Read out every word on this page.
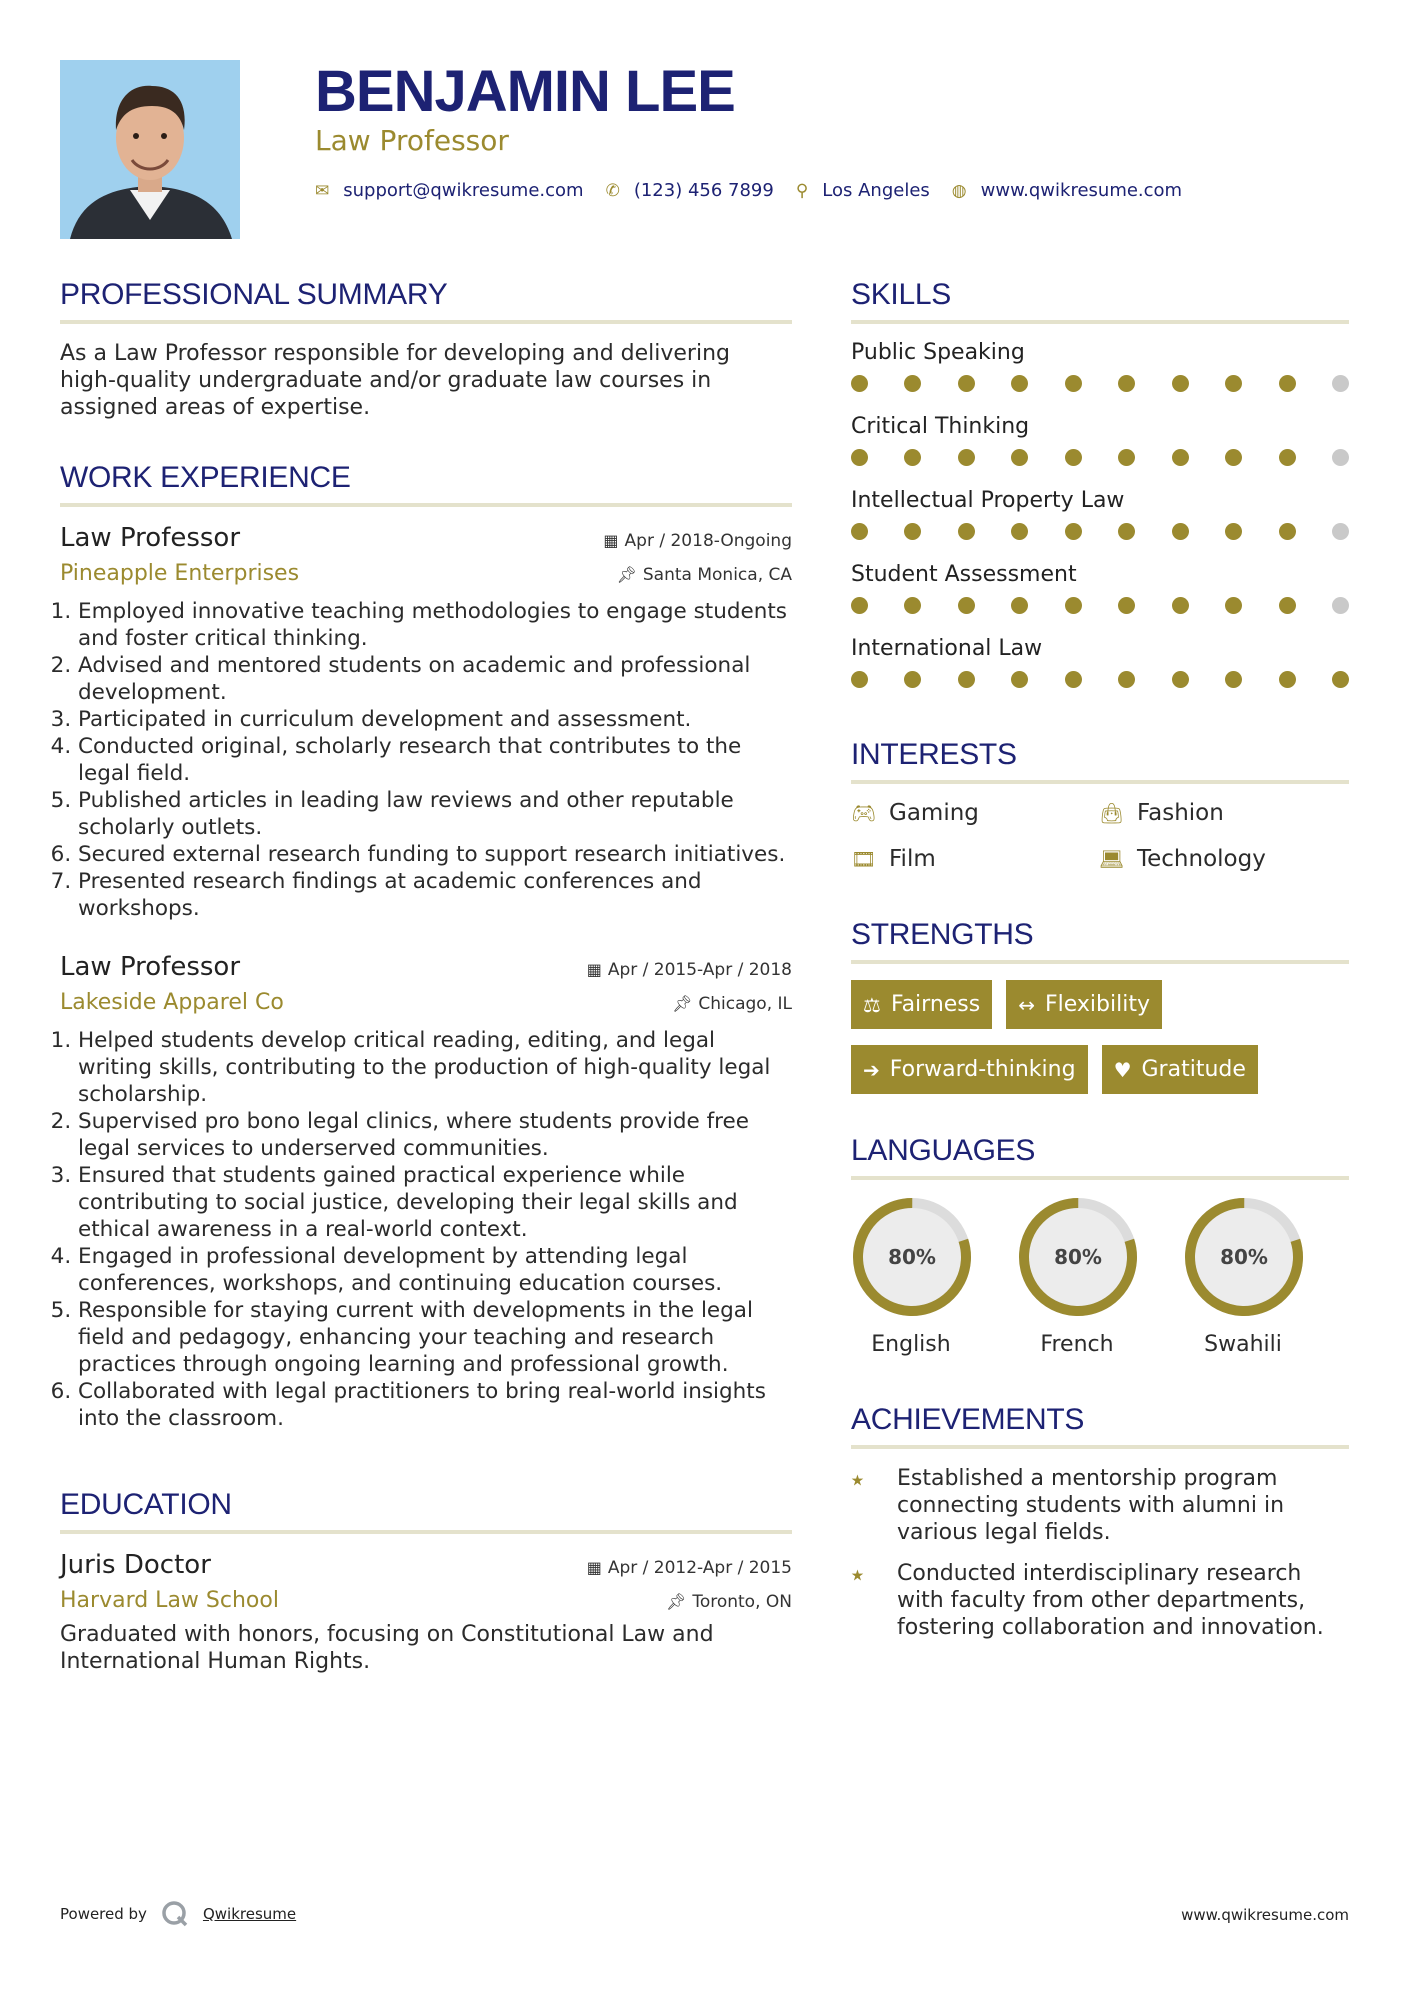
BENJAMIN LEE
Law Professor
✉ support@qwikresume.com ✆ (123) 456 7899 ⚲ Los Angeles ◍ www.qwikresume.com
PROFESSIONAL SUMMARY
As a Law Professor responsible for developing and delivering high-quality undergraduate and/or graduate law courses in assigned areas of expertise.
WORK EXPERIENCE
Law Professor	▦ Apr / 2018-Ongoing
Pineapple Enterprises	📌︎ Santa Monica, CA
1. Employed innovative teaching methodologies to engage students and foster critical thinking.
2. Advised and mentored students on academic and professional development.
3. Participated in curriculum development and assessment.
4. Conducted original, scholarly research that contributes to the legal field.
5. Published articles in leading law reviews and other reputable scholarly outlets.
6. Secured external research funding to support research initiatives.
7. Presented research findings at academic conferences and workshops.
Law Professor	▦ Apr / 2015-Apr / 2018
Lakeside Apparel Co	📌︎ Chicago, IL
1. Helped students develop critical reading, editing, and legal writing skills, contributing to the production of high-quality legal scholarship.
2. Supervised pro bono legal clinics, where students provide free legal services to underserved communities.
3. Ensured that students gained practical experience while contributing to social justice, developing their legal skills and ethical awareness in a real-world context.
4. Engaged in professional development by attending legal conferences, workshops, and continuing education courses.
5. Responsible for staying current with developments in the legal field and pedagogy, enhancing your teaching and research practices through ongoing learning and professional growth.
6. Collaborated with legal practitioners to bring real-world insights into the classroom.
EDUCATION
Juris Doctor	▦ Apr / 2012-Apr / 2015
Harvard Law School	📌︎ Toronto, ON
Graduated with honors, focusing on Constitutional Law and International Human Rights.
SKILLS
Public Speaking
Critical Thinking
Intellectual Property Law
Student Assessment
International Law
INTERESTS
🎮︎ Gaming	👜︎ Fashion
🎞︎ Film	💻︎ Technology
STRENGTHS
⚖ Fairness ↔ Flexibility
➔ Forward-thinking ♥ Gratitude
LANGUAGES
80%
English
80%
French
80%
Swahili
ACHIEVEMENTS
⭑	Established a mentorship program connecting students with alumni in various legal fields.
⭑	Conducted interdisciplinary research with faculty from other departments, fostering collaboration and innovation.
Powered by	Qwikresume	www.qwikresume.com
